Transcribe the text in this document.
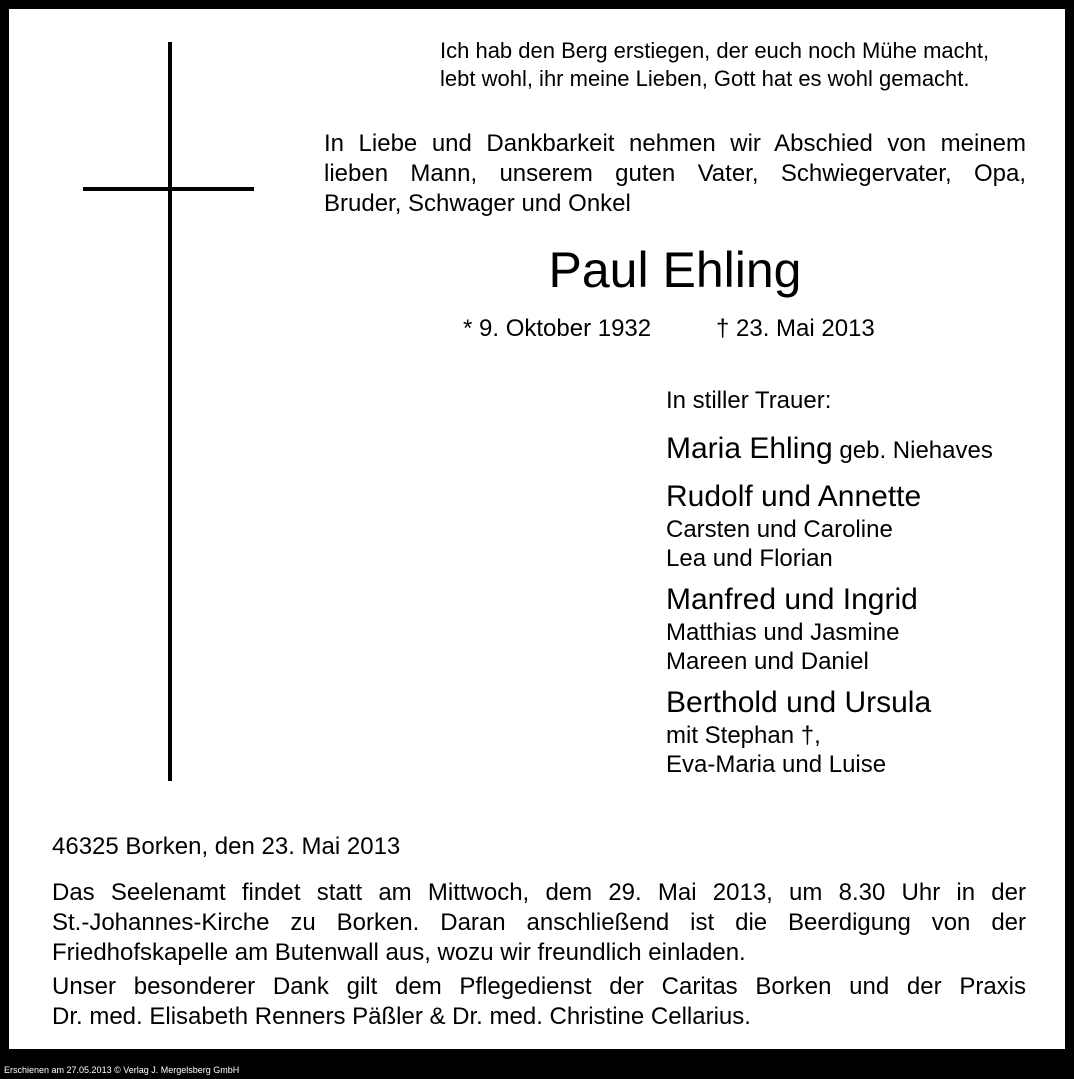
Ich hab den Berg erstiegen, der euch noch Mühe macht,
lebt wohl, ihr meine Lieben, Gott hat es wohl gemacht.
In Liebe und Dankbarkeit nehmen wir Abschied von meinem
lieben Mann, unserem guten Vater, Schwiegervater, Opa,
Bruder, Schwager und Onkel
Paul Ehling
* 9. Oktober 1932	† 23. Mai 2013
In stiller Trauer:
Maria Ehling geb. Niehaves
Rudolf und Annette
Carsten und Caroline
Lea und Florian
Manfred und Ingrid
Matthias und Jasmine
Mareen und Daniel
Berthold und Ursula
mit Stephan †,
Eva-Maria und Luise
46325 Borken, den 23. Mai 2013
Das Seelenamt findet statt am Mittwoch, dem 29. Mai 2013, um 8.30 Uhr in der
St.-Johannes-Kirche zu Borken. Daran anschließend ist die Beerdigung von der
Friedhofskapelle am Butenwall aus, wozu wir freundlich einladen.
Unser besonderer Dank gilt dem Pflegedienst der Caritas Borken und der Praxis
Dr. med. Elisabeth Renners Päßler & Dr. med. Christine Cellarius.
Erschienen am 27.05.2013 © Verlag J. Mergelsberg GmbH
